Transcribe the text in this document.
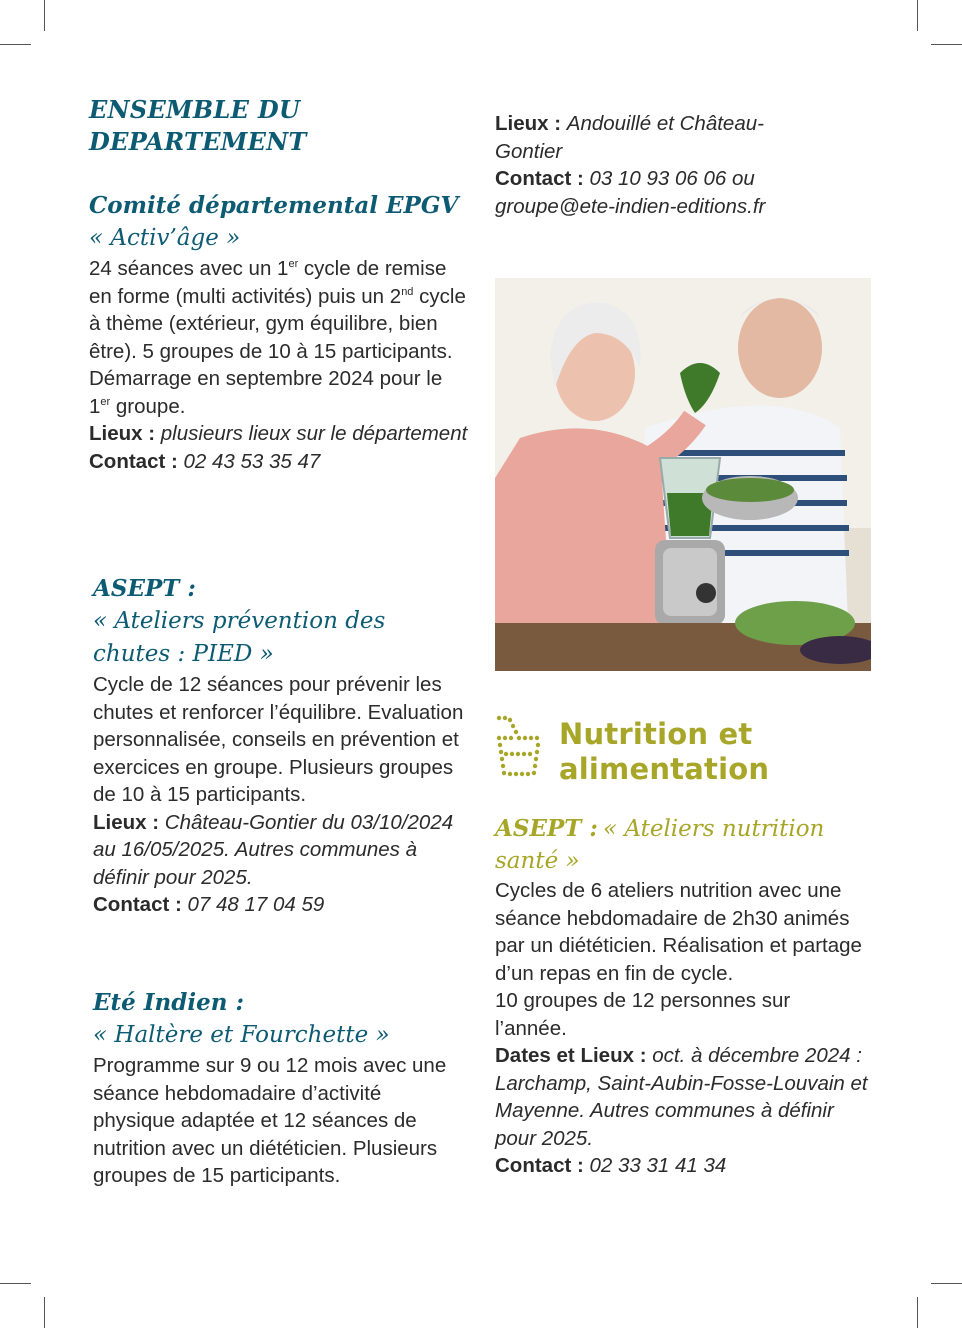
ENSEMBLE DU DEPARTEMENT
Comité départemental EPGV
« Activ’âge »

24 séances avec un 1er cycle de remise en forme (multi activités) puis un 2nd cycle à thème (extérieur, gym équilibre, bien être). 5 groupes de 10 à 15 participants. Démarrage en septembre 2024 pour le 1er groupe.

Lieux : plusieurs lieux sur le département

Contact : 02 43 53 35 47

ASEPT :
« Ateliers prévention des chutes : PIED »

Cycle de 12 séances pour prévenir les chutes et renforcer l’équilibre. Evaluation personnalisée, conseils en prévention et exercices en groupe. Plusieurs groupes de 10 à 15 participants.

Lieux : Château-Gontier du 03/10/2024 au 16/05/2025. Autres communes à définir pour 2025.

Contact : 07 48 17 04 59

Eté Indien :
« Haltère et Fourchette »

Programme sur 9 ou 12 mois avec une séance hebdomadaire d’activité physique adaptée et 12 séances de nutrition avec un diététicien. Plusieurs groupes de 15 participants.

Lieux : Andouillé et Château-Gontier

Contact : 03 10 93 06 06 ou groupe@ete-indien-editions.fr

Nutrition et alimentation
ASEPT : « Ateliers nutrition santé »

Cycles de 6 ateliers nutrition avec une séance hebdomadaire de 2h30 animés par un diététicien. Réalisation et partage d’un repas en fin de cycle.

10 groupes de 12 personnes sur l’année.

Dates et Lieux : oct. à décembre 2024 : Larchamp, Saint-Aubin-Fosse-Louvain et Mayenne. Autres communes à définir pour 2025.

Contact : 02 33 31 41 34
